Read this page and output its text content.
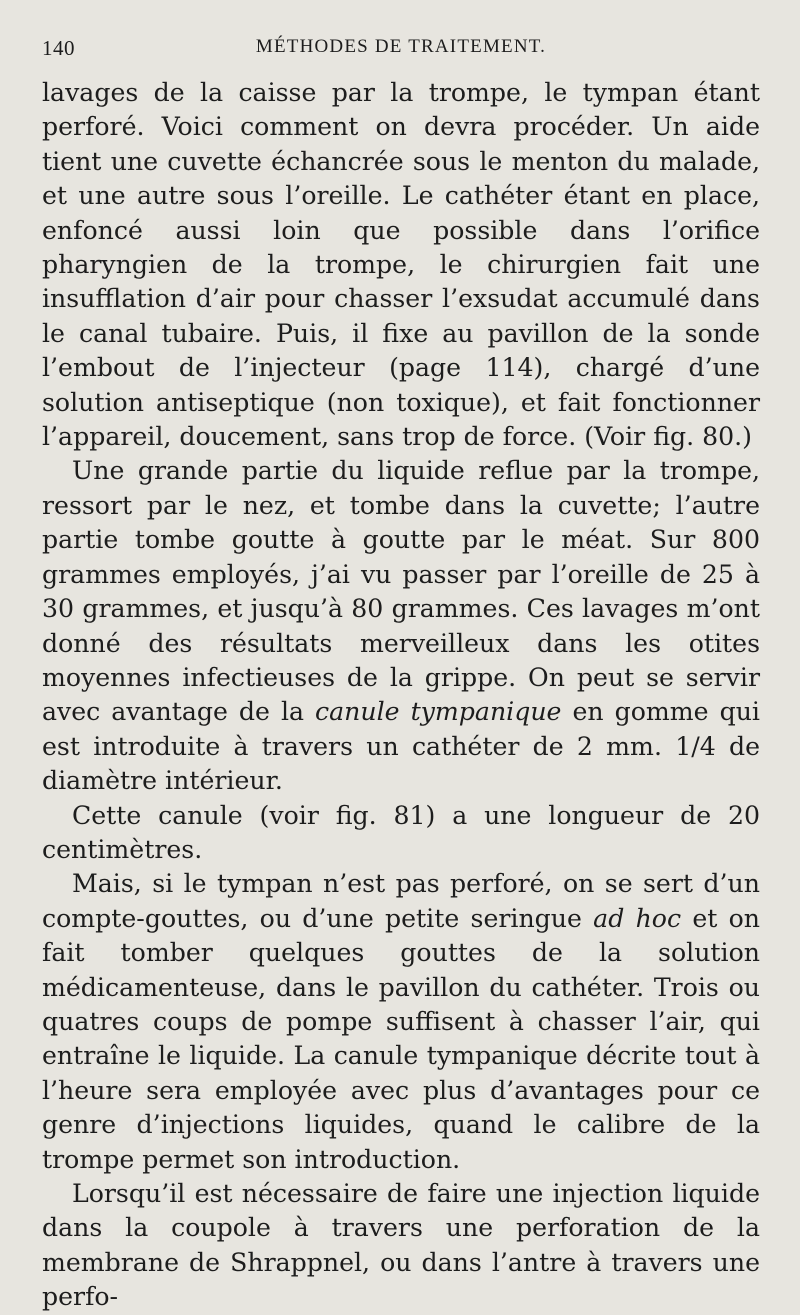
140	MÉTHODES DE TRAITEMENT.

lavages de la caisse par la trompe, le tympan étant perforé. Voici comment on devra procéder. Un aide tient une cuvette échancrée sous le menton du malade, et une autre sous l’oreille. Le cathéter étant en place, enfoncé aussi loin que possible dans l’orifice pharyngien de la trompe, le chirurgien fait une insufflation d’air pour chasser l’exsudat accumulé dans le canal tubaire. Puis, il fixe au pavillon de la sonde l’embout de l’injecteur (page 114), chargé d’une solution antiseptique (non toxique), et fait fonctionner l’appareil, doucement, sans trop de force. (Voir fig. 80.)

Une grande partie du liquide reflue par la trompe, ressort par le nez, et tombe dans la cuvette; l’autre partie tombe goutte à goutte par le méat. Sur 800 grammes employés, j’ai vu passer par l’oreille de 25 à 30 grammes, et jusqu’à 80 grammes. Ces lavages m’ont donné des résultats merveilleux dans les otites moyennes infectieuses de la grippe. On peut se servir avec avantage de la canule tympanique en gomme qui est introduite à travers un cathéter de 2 mm. 1/4 de diamètre intérieur.

Cette canule (voir fig. 81) a une longueur de 20 centimètres.

Mais, si le tympan n’est pas perforé, on se sert d’un compte-gouttes, ou d’une petite seringue ad hoc et on fait tomber quelques gouttes de la solution médicamenteuse, dans le pavillon du cathéter. Trois ou quatres coups de pompe suffisent à chasser l’air, qui entraîne le liquide. La canule tympanique décrite tout à l’heure sera employée avec plus d’avantages pour ce genre d’injections liquides, quand le calibre de la trompe permet son introduction.

Lorsqu’il est nécessaire de faire une injection liquide dans la coupole à travers une perforation de la membrane de Shrappnel, ou dans l’antre à travers une perfo-
